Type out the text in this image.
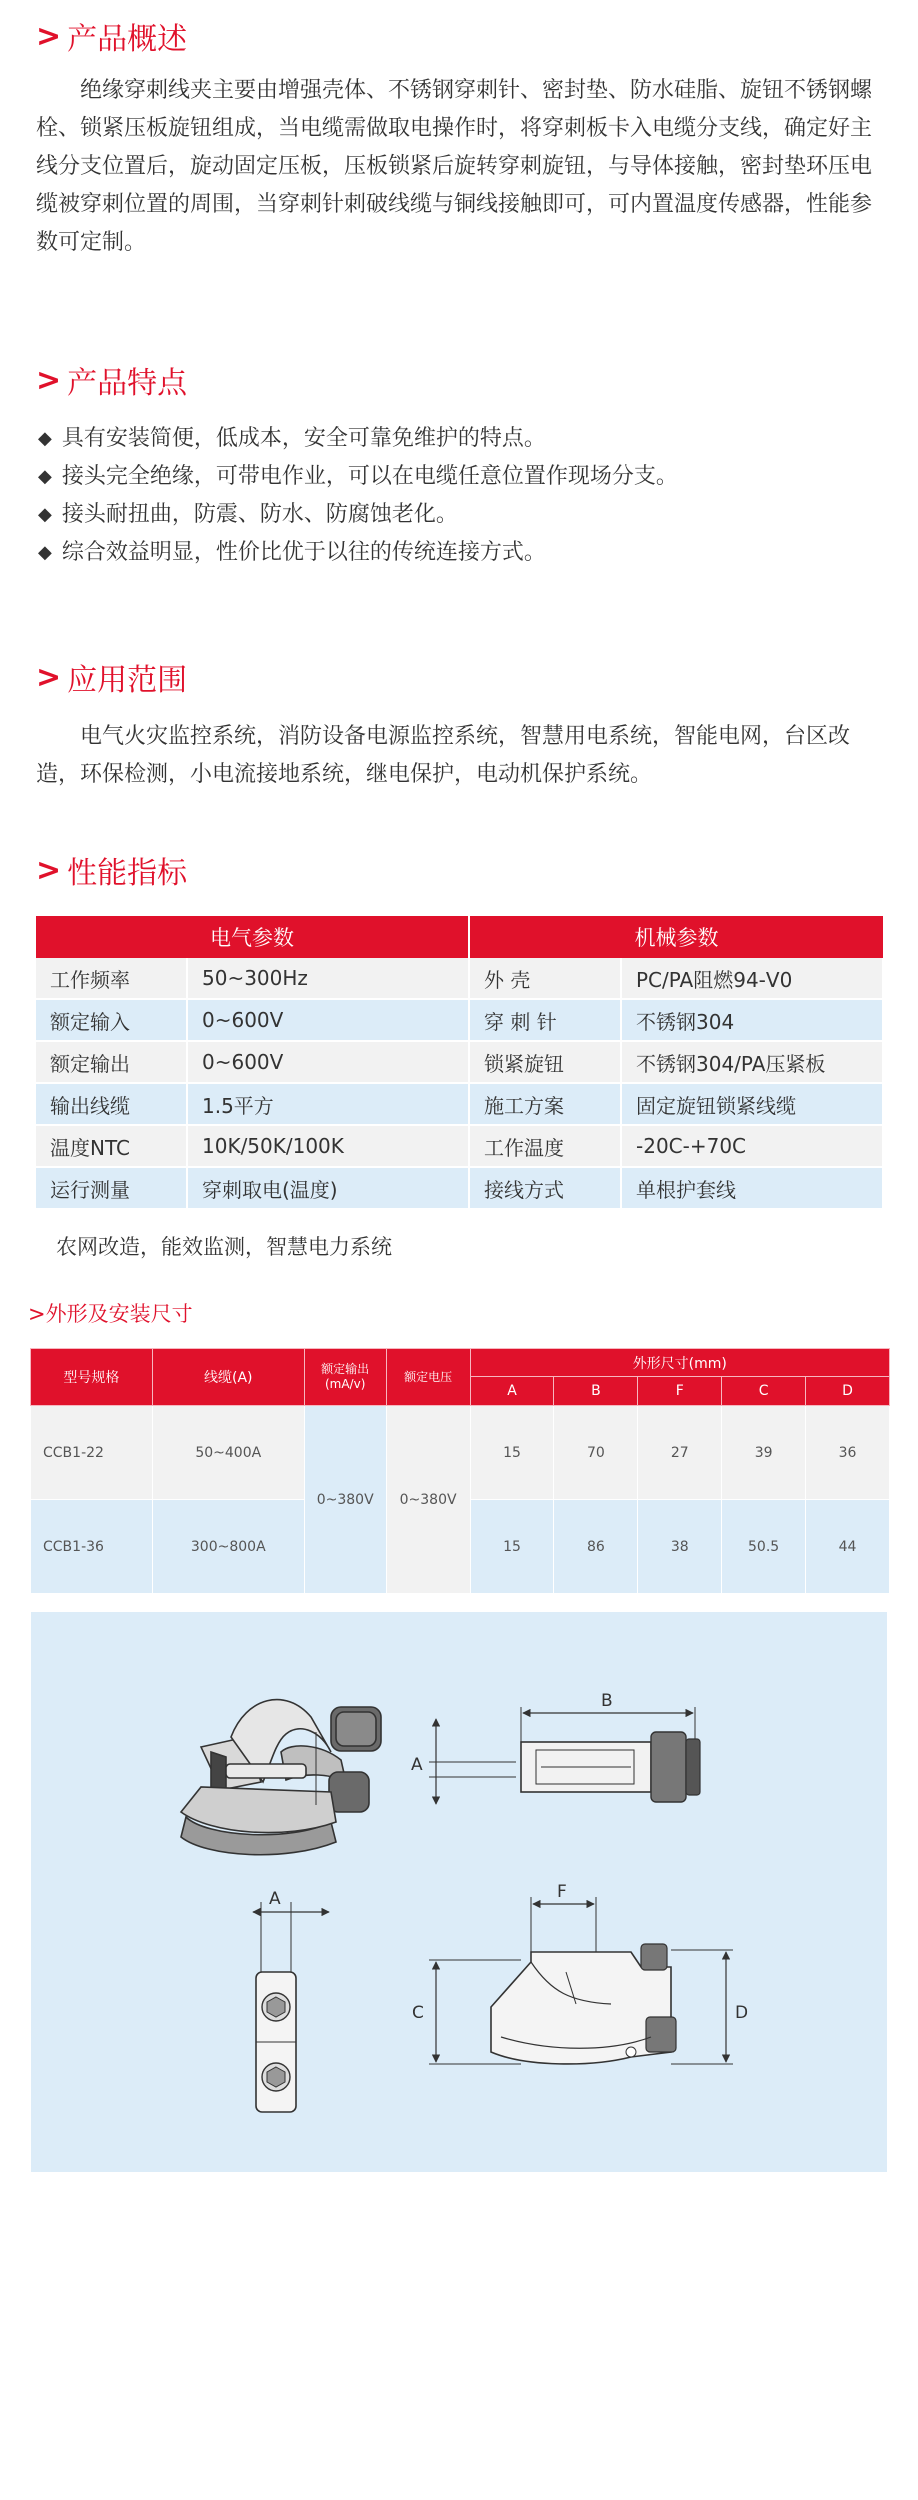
> 产品概述

绝缘穿刺线夹主要由增强壳体、不锈钢穿刺针、密封垫、防水硅脂、旋钮不锈钢螺栓、锁紧压板旋钮组成，当电缆需做取电操作时，将穿刺板卡入电缆分支线，确定好主线分支位置后，旋动固定压板，压板锁紧后旋转穿刺旋钮，与导体接触，密封垫环压电缆被穿刺位置的周围，当穿刺针刺破线缆与铜线接触即可，可内置温度传感器，性能参数可定制。

> 产品特点
◆ 具有安装简便，低成本，安全可靠免维护的特点。
◆ 接头完全绝缘，可带电作业，可以在电缆任意位置作现场分支。
◆ 接头耐扭曲，防震、防水、防腐蚀老化。
◆ 综合效益明显，性价比优于以往的传统连接方式。
> 应用范围

电气火灾监控系统，消防设备电源监控系统，智慧用电系统，智能电网，台区改造，环保检测，小电流接地系统，继电保护，电动机保护系统。

> 性能指标
电气参数		机械参数	
工作频率	50~300Hz	外 壳	PC/PA阻燃94-V0
额定输入	0~600V	穿 刺 针	不锈钢304
额定输出	0~600V	锁紧旋钮	不锈钢304/PA压紧板
输出线缆	1.5平方	施工方案	固定旋钮锁紧线缆
温度NTC	10K/50K/100K	工作温度	-20C-+70C
运行测量	穿刺取电(温度)	接线方式	单根护套线

农网改造，能效监测，智慧电力系统

>外形及安装尺寸
型号规格	线缆(A)	额定输出(mA/v)	额定电压	外形尺寸(mm)				
				A	B	F	C	D
CCB1-22	50~400A	0~380V	0~380V	15	70	27	39	36
CCB1-36	300~800A			15	86	38	50.5	44
B
A
A	F
C	D
